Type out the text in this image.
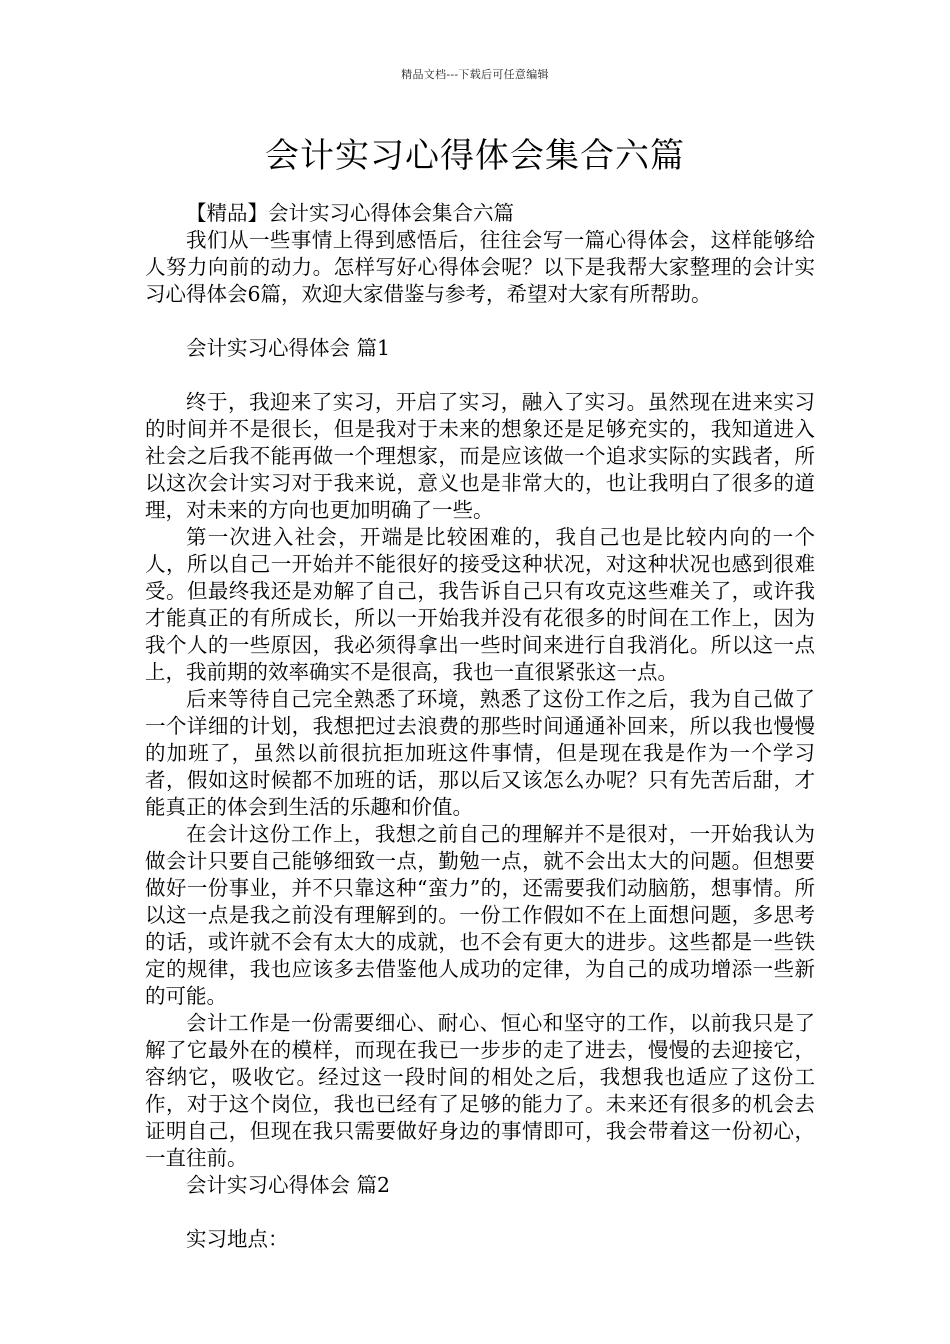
精品文档---下载后可任意编辑
会计实习心得体会集合六篇

【精品】会计实习心得体会集合六篇

我们从一些事情上得到感悟后，往往会写一篇心得体会，这样能够给人努力向前的动力。怎样写好心得体会呢？以下是我帮大家整理的会计实习心得体会6篇，欢迎大家借鉴与参考，希望对大家有所帮助。

会计实习心得体会 篇1

终于，我迎来了实习，开启了实习，融入了实习。虽然现在进来实习的时间并不是很长，但是我对于未来的想象还是足够充实的，我知道进入社会之后我不能再做一个理想家，而是应该做一个追求实际的实践者，所以这次会计实习对于我来说，意义也是非常大的，也让我明白了很多的道理，对未来的方向也更加明确了一些。

第一次进入社会，开端是比较困难的，我自己也是比较内向的一个人，所以自己一开始并不能很好的接受这种状况，对这种状况也感到很难受。但最终我还是劝解了自己，我告诉自己只有攻克这些难关了，或许我才能真正的有所成长，所以一开始我并没有花很多的时间在工作上，因为我个人的一些原因，我必须得拿出一些时间来进行自我消化。所以这一点上，我前期的效率确实不是很高，我也一直很紧张这一点。

后来等待自己完全熟悉了环境，熟悉了这份工作之后，我为自己做了一个详细的计划，我想把过去浪费的那些时间通通补回来，所以我也慢慢的加班了，虽然以前很抗拒加班这件事情，但是现在我是作为一个学习者，假如这时候都不加班的话，那以后又该怎么办呢？只有先苦后甜，才能真正的体会到生活的乐趣和价值。

在会计这份工作上，我想之前自己的理解并不是很对，一开始我认为做会计只要自己能够细致一点，勤勉一点，就不会出太大的问题。但想要做好一份事业，并不只靠这种“蛮力”的，还需要我们动脑筋，想事情。所以这一点是我之前没有理解到的。一份工作假如不在上面想问题，多思考的话，或许就不会有太大的成就，也不会有更大的进步。这些都是一些铁定的规律，我也应该多去借鉴他人成功的定律，为自己的成功增添一些新的可能。

会计工作是一份需要细心、耐心、恒心和坚守的工作，以前我只是了解了它最外在的模样，而现在我已一步步的走了进去，慢慢的去迎接它，容纳它，吸收它。经过这一段时间的相处之后，我想我也适应了这份工作，对于这个岗位，我也已经有了足够的能力了。未来还有很多的机会去证明自己，但现在我只需要做好身边的事情即可，我会带着这一份初心，一直往前。

会计实习心得体会 篇2

实习地点：
